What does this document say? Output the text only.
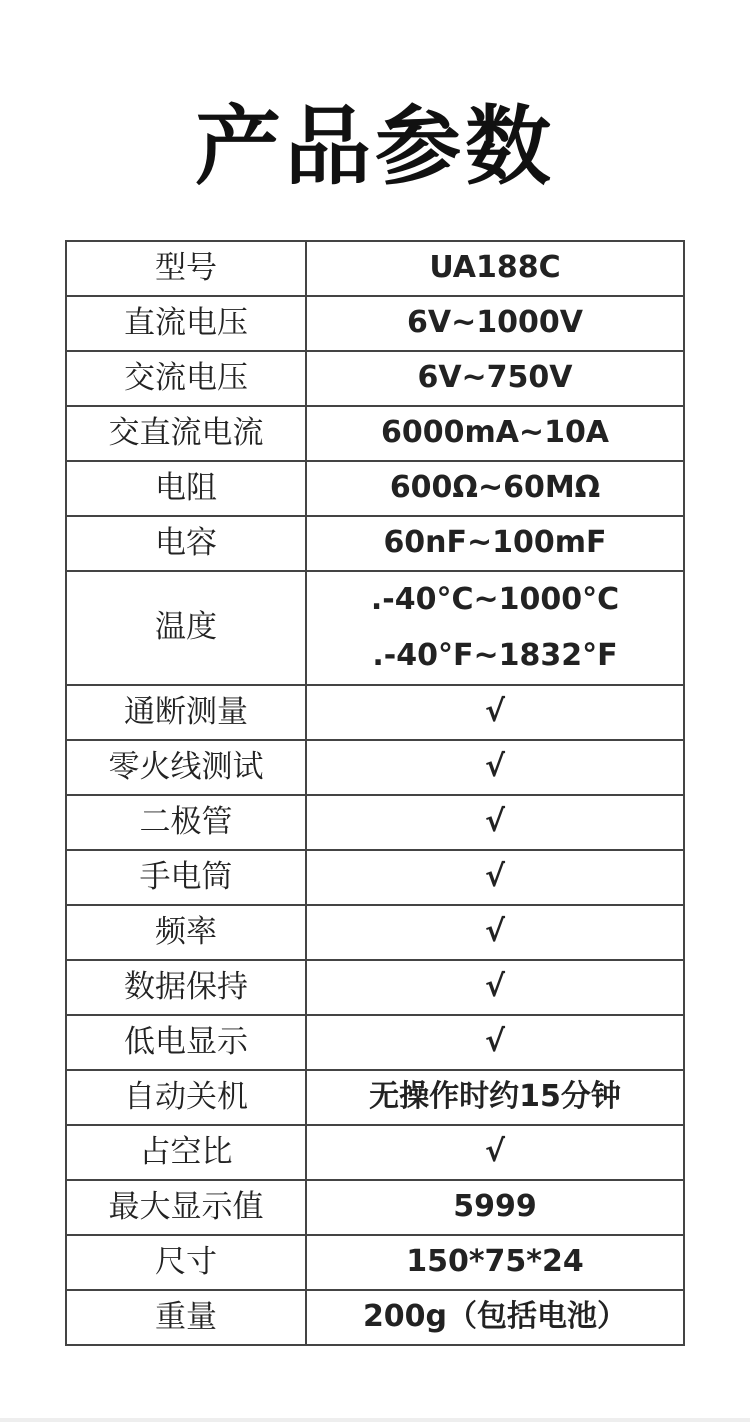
产品参数
型号	UA188C
直流电压	6V~1000V
交流电压	6V~750V
交直流电流	6000mA~10A
电阻	600Ω~60MΩ
电容	60nF~100mF
温度	.-40°C~1000°C
.-40°F~1832°F

通断测量	√
零火线测试	√
二极管	√
手电筒	√
频率	√
数据保持	√
低电显示	√
自动关机	无操作时约15分钟
占空比	√
最大显示值	5999
尺寸	150*75*24
重量	200g（包括电池）
